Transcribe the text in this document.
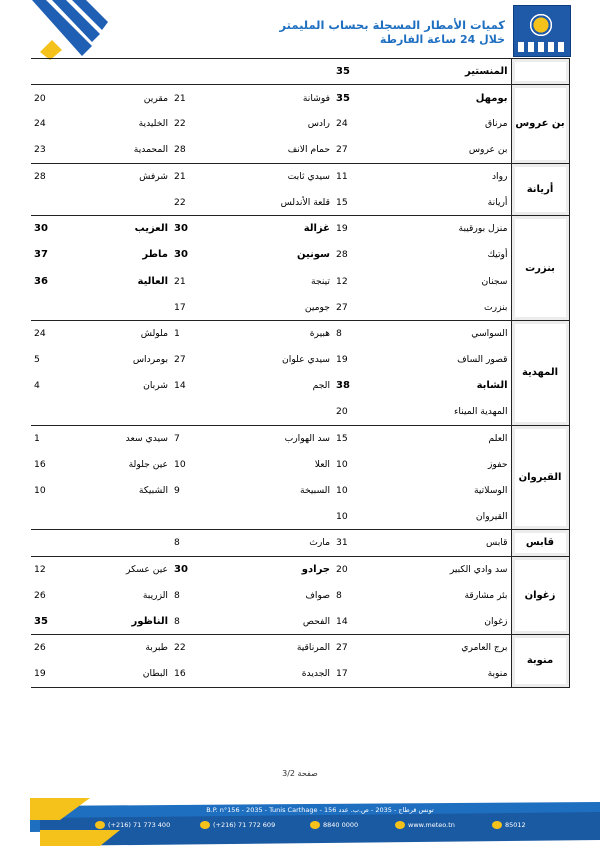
كميات الأمطار المسجلة بحساب المليمتر
خلال 24 ساعة الفارطة
				35	المنستير	
20	مقرين	21	فوشانة	35	بومهل	بن عروس
24	الخليدية	22	رادس	24	مرناق	
23	المحمدية	28	حمام الانف	27	بن عروس	
28	شرفش	21	سيدي ثابت	11	رواد	أريانة
		22	قلعة الأندلس	15	أريانة	
30	العزيب	30	غزالة	19	منزل بورقيبة	بنزرت
37	ماطر	30	سونين	28	أوتيك	
36	العالية	21	تينجة	12	سجنان	
		17	جومين	27	بنزرت	
24	ملولش	1	هبيرة	8	السواسي	المهدية
5	بومرداس	27	سيدي علوان	19	قصور الساف	
4	شربان	14	الجم	38	الشابة	
				20	المهدية الميناء	
1	سيدي سعد	7	سد الهوارب	15	العلم	القيروان
16	عين جلولة	10	العلا	10	حفوز	
10	الشبيكة	9	السبيخة	10	الوسلاتية	
				10	القيروان	
		8	مارث	31	قابس	قابس
12	عين عسكر	30	جرادو	20	سد وادي الكبير	زغوان
26	الزريبة	8	صواف	8	بئر مشارقة	
35	الناظور	8	الفحص	14	زغوان	
26	طبربة	22	المرناقية	27	برج العامري	منوبة
19	البطان	16	الجديدة	17	منوبة	
صفحة 3/2
B.P. n°156 - 2035 - Tunis Carthage - تونس قرطاج - 2035 - ص.ب. عدد 156
(+216) 71 773 400	(+216) 71 772 609	8840 0000	www.meteo.tn	85012
